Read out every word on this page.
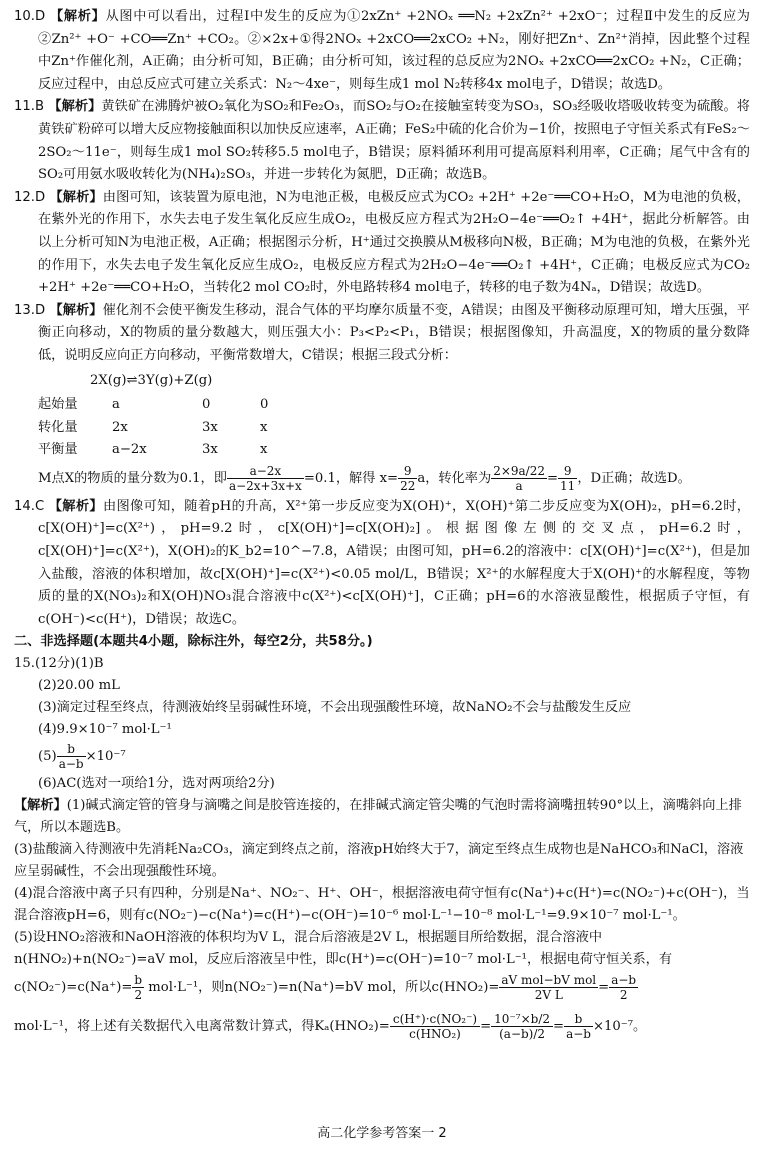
10.D 【解析】从图中可以看出，过程Ⅰ中发生的反应为①2xZn⁺ +2NOₓ ══N₂ +2xZn²⁺ +2xO⁻；过程Ⅱ中发生的反应为②Zn²⁺ +O⁻ +CO══Zn⁺ +CO₂。②×2x+①得2NOₓ +2xCO══2xCO₂ +N₂，刚好把Zn⁺、Zn²⁺消掉，因此整个过程中Zn⁺作催化剂，A正确；由分析可知，B正确；由分析可知，该过程的总反应为2NOₓ +2xCO══2xCO₂ +N₂，C正确；反应过程中，由总反应式可建立关系式：N₂～4xe⁻，则每生成1 mol N₂转移4x mol电子，D错误；故选D。

11.B 【解析】黄铁矿在沸腾炉被O₂氧化为SO₂和Fe₂O₃，而SO₂与O₂在接触室转变为SO₃，SO₃经吸收塔吸收转变为硫酸。将黄铁矿粉碎可以增大反应物接触面积以加快反应速率，A正确；FeS₂中硫的化合价为−1价，按照电子守恒关系式有FeS₂～2SO₂～11e⁻，则每生成1 mol SO₂转移5.5 mol电子，B错误；原料循环利用可提高原料利用率，C正确；尾气中含有的SO₂可用氨水吸收转化为(NH₄)₂SO₃，并进一步转化为氮肥，D正确；故选B。

12.D 【解析】由图可知，该装置为原电池，N为电池正极，电极反应式为CO₂ +2H⁺ +2e⁻══CO+H₂O，M为电池的负极，在紫外光的作用下，水失去电子发生氧化反应生成O₂，电极反应方程式为2H₂O−4e⁻══O₂↑ +4H⁺，据此分析解答。由以上分析可知N为电池正极，A正确；根据图示分析，H⁺通过交换膜从M极移向N极，B正确；M为电池的负极，在紫外光的作用下，水失去电子发生氧化反应生成O₂，电极反应方程式为2H₂O−4e⁻══O₂↑ +4H⁺，C正确；电极反应式为CO₂ +2H⁺ +2e⁻══CO+H₂O，当转化2 mol CO₂时，外电路转移4 mol电子，转移的电子数为4Nₐ，D错误；故选D。

13.D 【解析】催化剂不会使平衡发生移动，混合气体的平均摩尔质量不变，A错误；由图及平衡移动原理可知，增大压强，平衡正向移动，X的物质的量分数越大，则压强大小：P₃<P₂<P₁，B错误；根据图像知，升高温度，X的物质的量分数降低，说明反应向正方向移动，平衡常数增大，C错误；根据三段式分析：

2X(g)⇌3Y(g)+Z(g)
起始量	a	0	0
转化量	2x	3x	x
平衡量	a−2x	3x	x

M点X的物质的量分数为0.1，即 $\frac{a-2x}{a-2x+3x+x} =0.1$，解得 $x= \frac{9}{22}$ a，转化率为 $\frac{2\times 9a/22}{a} = \frac{9}{11}$ ，D正确；故选D。

14.C 【解析】由图像可知，随着pH的升高，X²⁺第一步反应变为X(OH)⁺，X(OH)⁺第二步反应变为X(OH)₂，pH=6.2时，c[X(OH)⁺]=c(X²⁺)，pH=9.2时，c[X(OH)⁺]=c[X(OH)₂]。根据图像左侧的交叉点，pH=6.2时，c[X(OH)⁺]=c(X²⁺)，X(OH)₂的K_b2=10^−7.8，A错误；由图可知，pH=6.2的溶液中：c[X(OH)⁺]=c(X²⁺)，但是加入盐酸，溶液的体积增加，故c[X(OH)⁺]=c(X²⁺)<0.05 mol/L，B错误；X²⁺的水解程度大于X(OH)⁺的水解程度，等物质的量的X(NO₃)₂和X(OH)NO₃混合溶液中c(X²⁺)<c[X(OH)⁺]，C正确；pH=6的水溶液显酸性，根据质子守恒，有c(OH⁻)<c(H⁺)，D错误；故选C。

二、非选择题(本题共4小题，除标注外，每空2分，共58分。)
15.(12分)(1)B
(2)20.00 mL
(3)滴定过程至终点，待测液始终呈弱碱性环境，不会出现强酸性环境，故NaNO₂不会与盐酸发生反应
(4)9.9×10⁻⁷ mol·L⁻¹
$(5) \frac{b}{a-b} \times 10^{-7}$
(6)AC(选对一项给1分，选对两项给2分)

【解析】(1)碱式滴定管的管身与滴嘴之间是胶管连接的，在排碱式滴定管尖嘴的气泡时需将滴嘴扭转90°以上，滴嘴斜向上排气，所以本题选B。

(3)盐酸滴入待测液中先消耗Na₂CO₃，滴定到终点之前，溶液pH始终大于7，滴定至终点生成物也是NaHCO₃和NaCl，溶液应呈弱碱性，不会出现强酸性环境。

(4)混合溶液中离子只有四种，分别是Na⁺、NO₂⁻、H⁺、OH⁻，根据溶液电荷守恒有c(Na⁺)+c(H⁺)=c(NO₂⁻)+c(OH⁻)，当混合溶液pH=6，则有c(NO₂⁻)−c(Na⁺)=c(H⁺)−c(OH⁻)=10⁻⁶ mol·L⁻¹−10⁻⁸ mol·L⁻¹=9.9×10⁻⁷ mol·L⁻¹。

(5)设HNO₂溶液和NaOH溶液的体积均为V L，混合后溶液是2V L，根据题目所给数据，混合溶液中n(HNO₂)+n(NO₂⁻)=aV mol，反应后溶液呈中性，即c(H⁺)=c(OH⁻)=10⁻⁷ mol·L⁻¹，根据电荷守恒关系，有

$c(NO_2^-)=c(Na^+)= \frac{b}{2} mol\cdot L^{-1}$，则n(NO₂⁻)=n(Na⁺)=bV mol，所以$c(HNO_2)= \frac{\text{aV mol−bV mol}}{\text{2V L}} = \frac{a-b}{2}$

mol·L⁻¹，将上述有关数据代入电离常数计算式，得Kₐ(HNO₂)= c(H⁺)·c(NO₂⁻)
c(HNO₂)	= $\frac{\text{10⁻⁷×b/2}}{(a-b)/2} = \frac{b}{a-b} \times 10^{-7}$。

高二化学参考答案一 2
